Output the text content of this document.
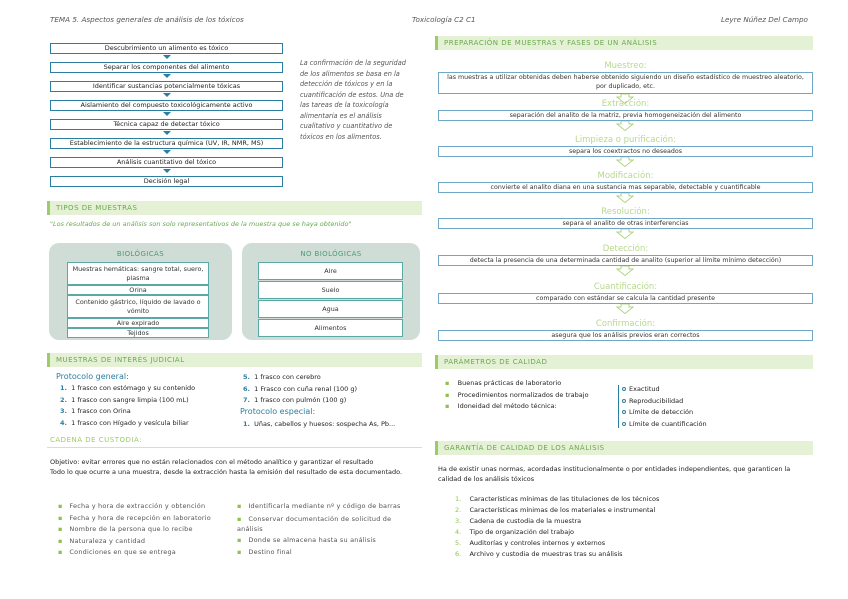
TEMA 5. Aspectos generales de análisis de los tóxicos	Toxicología C2 C1	Leyre Núñez Del Campo
Descubrimiento un alimento es tóxico
Separar los componentes del alimento
Identificar sustancias potencialmente tóxicas
Aislamiento del compuesto toxicológicamente activo
Técnica capaz de detectar tóxico
Establecimiento de la estructura química (UV, IR, NMR, MS)
Análisis cuantitativo del tóxico
Decisión legal
La confirmación de la seguridad
de los alimentos se basa en la
detección de tóxicos y en la
cuantificación de estos. Una de
las tareas de la toxicología
alimentaria es el análisis
cualitativo y cuantitativo de
tóxicos en los alimentos.
TIPOS DE MUESTRAS
"Los resultados de un análisis son solo representativos de la muestra que se haya obtenido"
BIOLÓGICAS
Muestras hemáticas: sangre total, suero, plasma
Orina
Contenido gástrico, líquido de lavado o vómito
Aire expirado
Tejidos
NO BIOLÓGICAS
Aire
Suelo
Agua
Alimentos
MUESTRAS DE INTERÉS JUDICIAL
Protocolo general:
1. 1 frasco con estómago y su contenido
2. 1 frasco con sangre limpia (100 mL)
3. 1 frasco con Orina
4. 1 frasco con Hígado y vesícula biliar
5. 1 frasco con cerebro
6. 1 Frasco con cuña renal (100 g)
7. 1 frasco con pulmón (100 g)
Protocolo especial:
1. Uñas, cabellos y huesos: sospecha As, Pb...
CADENA DE CUSTODIA:
Objetivo: evitar errores que no están relacionados con el método analítico y garantizar el resultado
Todo lo que ocurre a una muestra, desde la extracción hasta la emisión del resultado de esta documentado.
▪ Fecha y hora de extracción y obtención
▪ Fecha y hora de recepción en laboratorio
▪ Nombre de la persona que lo recibe
▪ Naturaleza y cantidad
▪ Condiciones en que se entrega
▪ Identificarla mediante nº y código de barras
▪ Conservar documentación de solicitud de análisis
▪ Donde se almacena hasta su análisis
▪ Destino final
PREPARACIÓN DE MUESTRAS Y FASES DE UN ANÁLISIS
Muestreo:
las muestras a utilizar obtenidas deben haberse obtenido siguiendo un diseño estadístico de muestreo aleatorio, por duplicado, etc.
Extracción:
separación del analito de la matriz, previa homogeneización del alimento
Limpieza o purificación:
separa los coextractos no deseados
Modificación:
convierte el analito diana en una sustancia mas separable, detectable y cuantificable
Resolución:
separa el analito de otras interferencias
Detección:
detecta la presencia de una determinada cantidad de analito (superior al límite mínimo detección)
Cuantificación:
comparado con estándar se calcula la cantidad presente
Confirmación:
asegura que los análisis previos eran correctos
PARÁMETROS DE CALIDAD
▪ Buenas prácticas de laboratorio
▪ Procedimientos normalizados de trabajo
▪ Idoneidad del método técnica:
Exactitud
Reproducibilidad
Límite de detección
Límite de cuantificación
GARANTÍA DE CALIDAD DE LOS ANÁLISIS
Ha de existir unas normas, acordadas institucionalmente o por entidades independientes, que garanticen la calidad de los análisis tóxicos
1. Características mínimas de las titulaciones de los técnicos
2. Características mínimas de los materiales e instrumental
3. Cadena de custodia de la muestra
4. Tipo de organización del trabajo
5. Auditorías y controles internos y externos
6. Archivo y custodia de muestras tras su análisis
